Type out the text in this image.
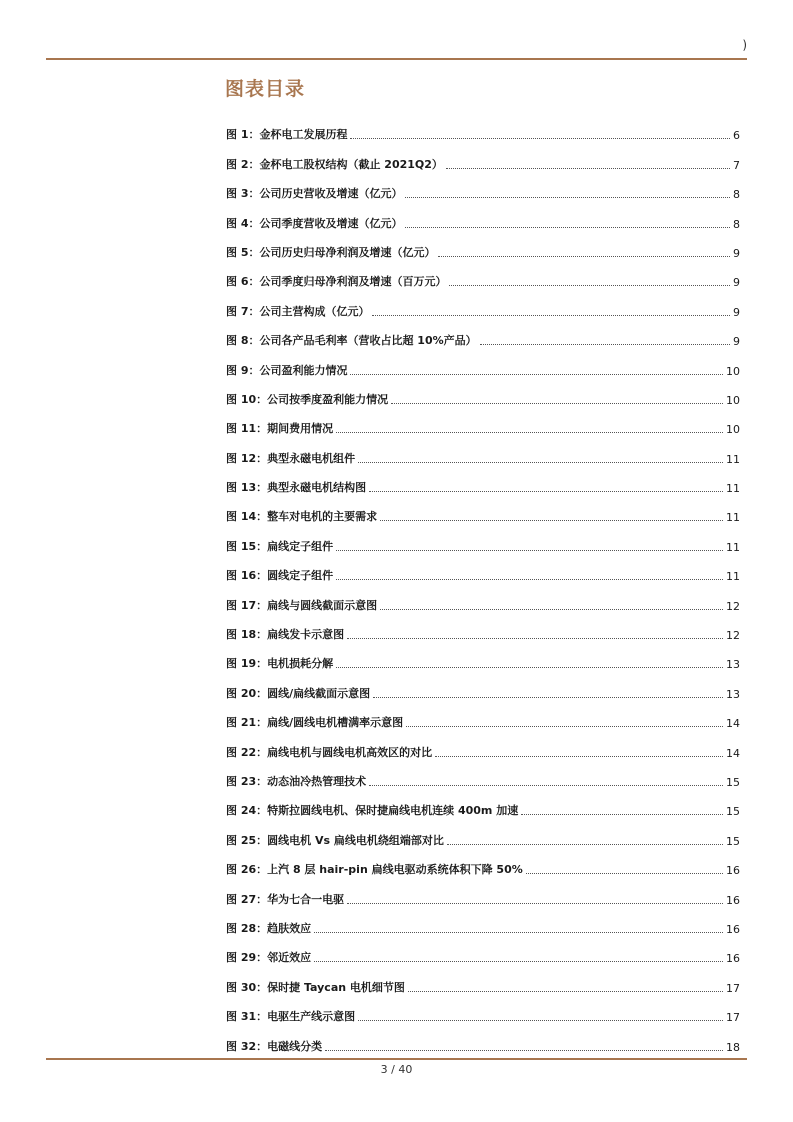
)
图表目录
图 1：金杯电工发展历程	6
图 2：金杯电工股权结构（截止 2021Q2）	7
图 3：公司历史营收及增速（亿元）	8
图 4：公司季度营收及增速（亿元）	8
图 5：公司历史归母净利润及增速（亿元）	9
图 6：公司季度归母净利润及增速（百万元）	9
图 7：公司主营构成（亿元）	9
图 8：公司各产品毛利率（营收占比超 10%产品）	9
图 9：公司盈利能力情况	10
图 10：公司按季度盈利能力情况	10
图 11：期间费用情况	10
图 12：典型永磁电机组件	11
图 13：典型永磁电机结构图	11
图 14：整车对电机的主要需求	11
图 15：扁线定子组件	11
图 16：圆线定子组件	11
图 17：扁线与圆线截面示意图	12
图 18：扁线发卡示意图	12
图 19：电机损耗分解	13
图 20：圆线/扁线截面示意图	13
图 21：扁线/圆线电机槽满率示意图	14
图 22：扁线电机与圆线电机高效区的对比	14
图 23：动态油冷热管理技术	15
图 24：特斯拉圆线电机、保时捷扁线电机连续 400m 加速	15
图 25：圆线电机 Vs 扁线电机绕组端部对比	15
图 26：上汽 8 层 hair-pin 扁线电驱动系统体积下降 50%	16
图 27：华为七合一电驱	16
图 28：趋肤效应	16
图 29：邻近效应	16
图 30：保时捷 Taycan 电机细节图	17
图 31：电驱生产线示意图	17
图 32：电磁线分类	18
3 / 40
